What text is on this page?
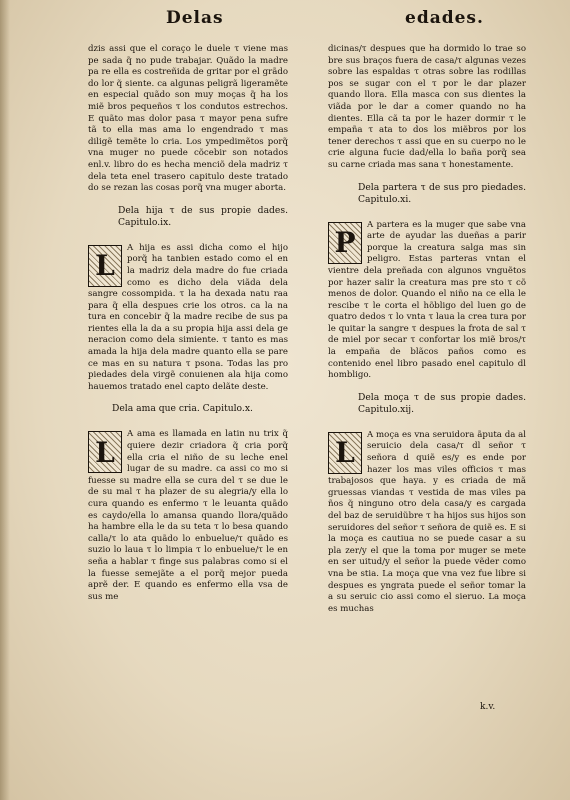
Delas	edades.

dzis assi que el coraço le duele τ viene mas pe sada q̃ no pude trabajar. Quãdo la madre pa re ella es costreñida de gritar por el grãdo do lor q̃ siente. ca algunas peligrã ligeramẽte en especial quãdo son muy moças q̃ ha los miẽ bros pequeños τ los condutos estrechos. E quãto mas dolor pasa τ mayor pena sufre tã to ella mas ama lo engendrado τ mas diligẽ temẽte lo cria. Los ympedimẽtos porq̃ vna muger no puede cõcebir son notados enl.v. libro do es hecha menciõ dela madriz τ dela teta enel trasero capitulo deste tratado do se rezan las cosas porq̃ vna muger aborta.

Dela hija τ de sus propie dades. Capitulo.ix.

L
A hija es assi dicha como el hijo porq̃ ha tanbien estado como el en la madriz dela madre do fue criada como es dicho dela viãda dela sangre cossompida. τ la ha dexada natu raa para q̃ ella despues crie los otros. ca la na tura en concebir q̃ la madre recibe de sus pa rientes ella la da a su propia hija assi dela ge neracion como dela simiente. τ tanto es mas amada la hija dela madre quanto ella se pare ce mas en su natura τ psona. Todas las pro piedades dela virgẽ conuienen ala hija como hauemos tratado enel capto delãte deste.

Dela ama que cria. Capitulo.x.

L
A ama es llamada en latin nu trix q̃ quiere dezir criadora q̃ cria porq̃ ella cria el niño de su leche enel lugar de su madre. ca assi co mo si fuesse su madre ella se cura del τ se due le de su mal τ ha plazer de su alegria/y ella lo cura quando es enfermo τ le leuanta quãdo es caydo/ella lo amansa quando llora/quãdo ha hambre ella le da su teta τ lo besa quando calla/τ lo ata quãdo lo enbuelue/τ quãdo es suzio lo laua τ lo limpia τ lo enbuelue/τ le en seña a hablar τ finge sus palabras como si el la fuesse semejãte a el porq̃ mejor pueda aprẽ der. E quando es enfermo ella vsa de sus me

dicinas/τ despues que ha dormido lo trae so bre sus braços fuera de casa/τ algunas vezes sobre las espaldas τ otras sobre las rodillas pos se sugar con el τ por le dar plazer quando llora. Ella masca con sus dientes la viãda por le dar a comer quando no ha dientes. Ella cã ta por le hazer dormir τ le empaña τ ata to dos los miẽbros por los tener derechos τ assi que en su cuerpo no le crie alguna fucie dad/ella lo baña porq̃ sea su carne criada mas sana τ honestamente.

Dela partera τ de sus pro piedades. Capitulo.xi.

P
A partera es la muger que sabe vna arte de ayudar las dueñas a parir porque la creatura salga mas sin peligro. Estas parteras vntan el vientre dela preñada con algunos vnguẽtos por hazer salir la creatura mas pre sto τ cõ menos de dolor. Quando el niño na ce ella le rescibe τ le corta el hõbligo del luen go de quatro dedos τ lo vnta τ laua la crea tura por le quitar la sangre τ despues la frota de sal τ de miel por secar τ confortar los miẽ bros/τ la empaña de blãcos paños como es contenido enel libro pasado enel capitulo dl hombligo.

Dela moça τ de sus propie dades. Capitulo.xij.

L
A moça es vna seruidora ãputa da al seruicio dela casa/τ dl señor τ señora d quiẽ es/y es ende por hazer los mas viles officios τ mas trabajosos que haya. y es criada de mã gruessas viandas τ vestida de mas viles pa ños q̃ ninguno otro dela casa/y es cargada del baz de seruidũbre τ ha hijos sus hijos son seruidores del señor τ señora de quiẽ es. E si la moça es cautiua no se puede casar a su pla zer/y el que la toma por muger se mete en ser uitud/y el señor la puede vẽder como vna be stia. La moça que vna vez fue libre si despues es yngrata puede el señor tomar la a su seruic cio assi como el sieruo. La moça es muchas

k.v.
